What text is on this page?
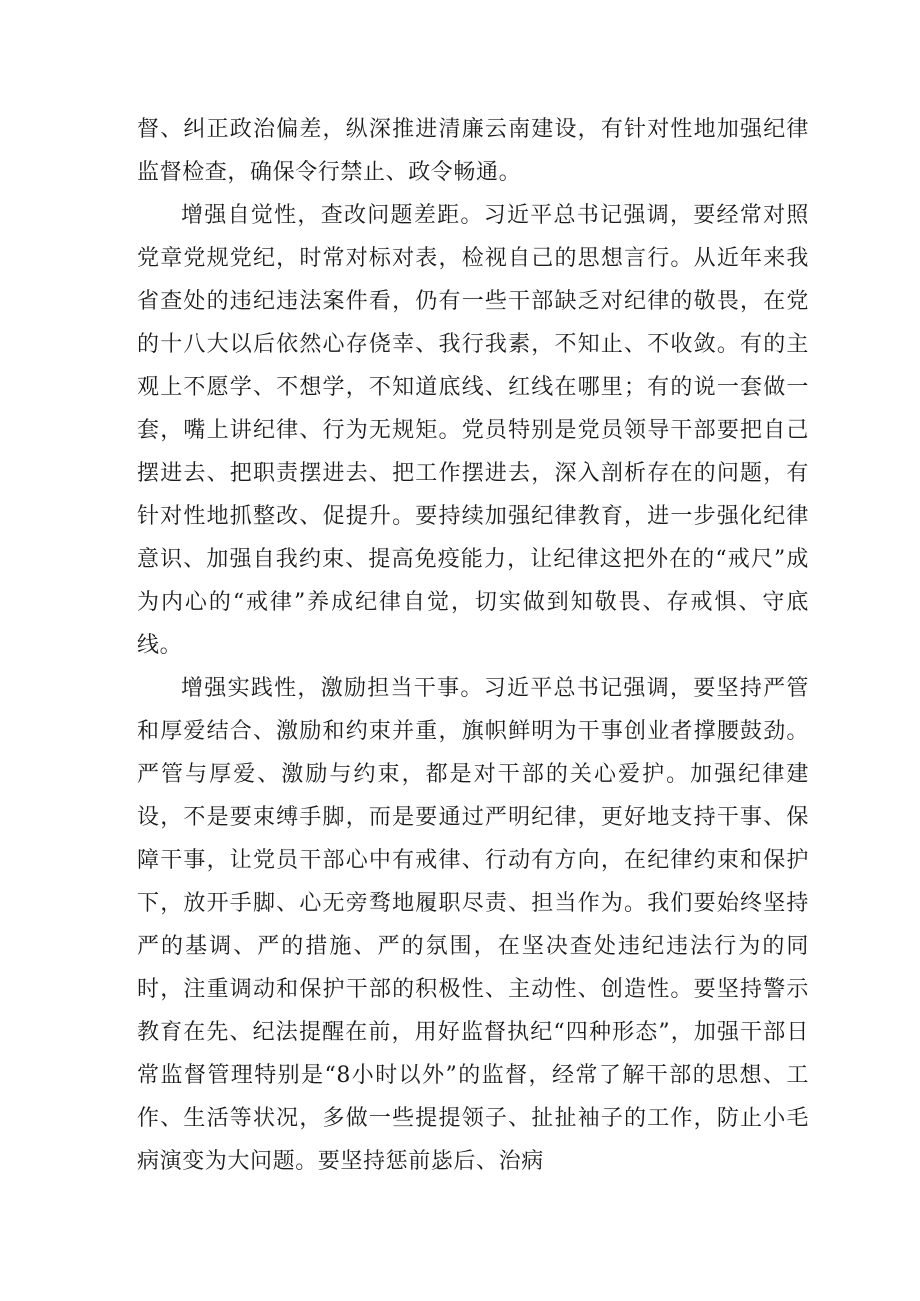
督、纠正政治偏差，纵深推进清廉云南建设，有针对性地加强纪律监督检查，确保令行禁止、政令畅通。

增强自觉性，查改问题差距。习近平总书记强调，要经常对照党章党规党纪，时常对标对表，检视自己的思想言行。从近年来我省查处的违纪违法案件看，仍有一些干部缺乏对纪律的敬畏，在党的十八大以后依然心存侥幸、我行我素，不知止、不收敛。有的主观上不愿学、不想学，不知道底线、红线在哪里；有的说一套做一套，嘴上讲纪律、行为无规矩。党员特别是党员领导干部要把自己摆进去、把职责摆进去、把工作摆进去，深入剖析存在的问题，有针对性地抓整改、促提升。要持续加强纪律教育，进一步强化纪律意识、加强自我约束、提高免疫能力，让纪律这把外在的“戒尺”成为内心的“戒律”养成纪律自觉，切实做到知敬畏、存戒惧、守底线。

增强实践性，激励担当干事。习近平总书记强调，要坚持严管和厚爱结合、激励和约束并重，旗帜鲜明为干事创业者撑腰鼓劲。严管与厚爱、激励与约束，都是对干部的关心爱护。加强纪律建设，不是要束缚手脚，而是要通过严明纪律，更好地支持干事、保障干事，让党员干部心中有戒律、行动有方向，在纪律约束和保护下，放开手脚、心无旁骛地履职尽责、担当作为。我们要始终坚持严的基调、严的措施、严的氛围，在坚决查处违纪违法行为的同时，注重调动和保护干部的积极性、主动性、创造性。要坚持警示教育在先、纪法提醒在前，用好监督执纪“四种形态”，加强干部日常监督管理特别是“8小时以外”的监督，经常了解干部的思想、工作、生活等状况，多做一些提提领子、扯扯袖子的工作，防止小毛病演变为大问题。要坚持惩前毖后、治病
